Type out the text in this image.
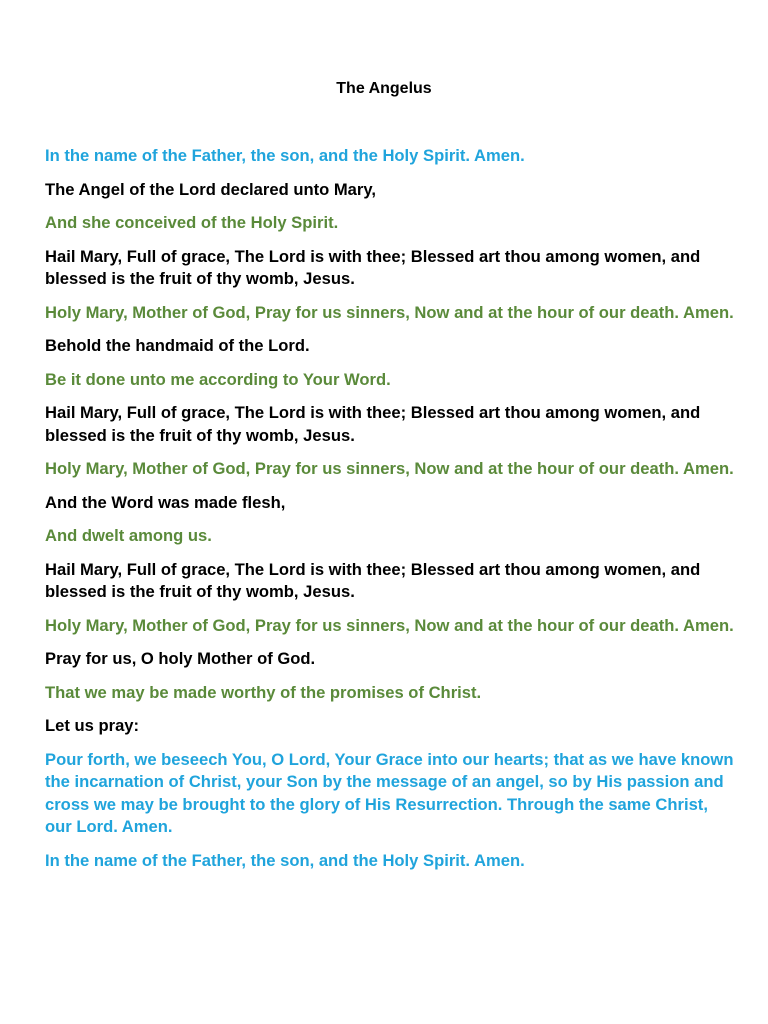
The Angelus

In the name of the Father, the son, and the Holy Spirit. Amen.

The Angel of the Lord declared unto Mary,

And she conceived of the Holy Spirit.

Hail Mary, Full of grace, The Lord is with thee; Blessed art thou among women, and blessed is the fruit of thy womb, Jesus.

Holy Mary, Mother of God, Pray for us sinners, Now and at the hour of our death. Amen.

Behold the handmaid of the Lord.

Be it done unto me according to Your Word.

Hail Mary, Full of grace, The Lord is with thee; Blessed art thou among women, and blessed is the fruit of thy womb, Jesus.

Holy Mary, Mother of God, Pray for us sinners, Now and at the hour of our death. Amen.

And the Word was made flesh,

And dwelt among us.

Hail Mary, Full of grace, The Lord is with thee; Blessed art thou among women, and blessed is the fruit of thy womb, Jesus.

Holy Mary, Mother of God, Pray for us sinners, Now and at the hour of our death. Amen.

Pray for us, O holy Mother of God.

That we may be made worthy of the promises of Christ.

Let us pray:

Pour forth, we beseech You, O Lord, Your Grace into our hearts; that as we have known the incarnation of Christ, your Son by the message of an angel, so by His passion and cross we may be brought to the glory of His Resurrection. Through the same Christ, our Lord. Amen.

In the name of the Father, the son, and the Holy Spirit. Amen.
